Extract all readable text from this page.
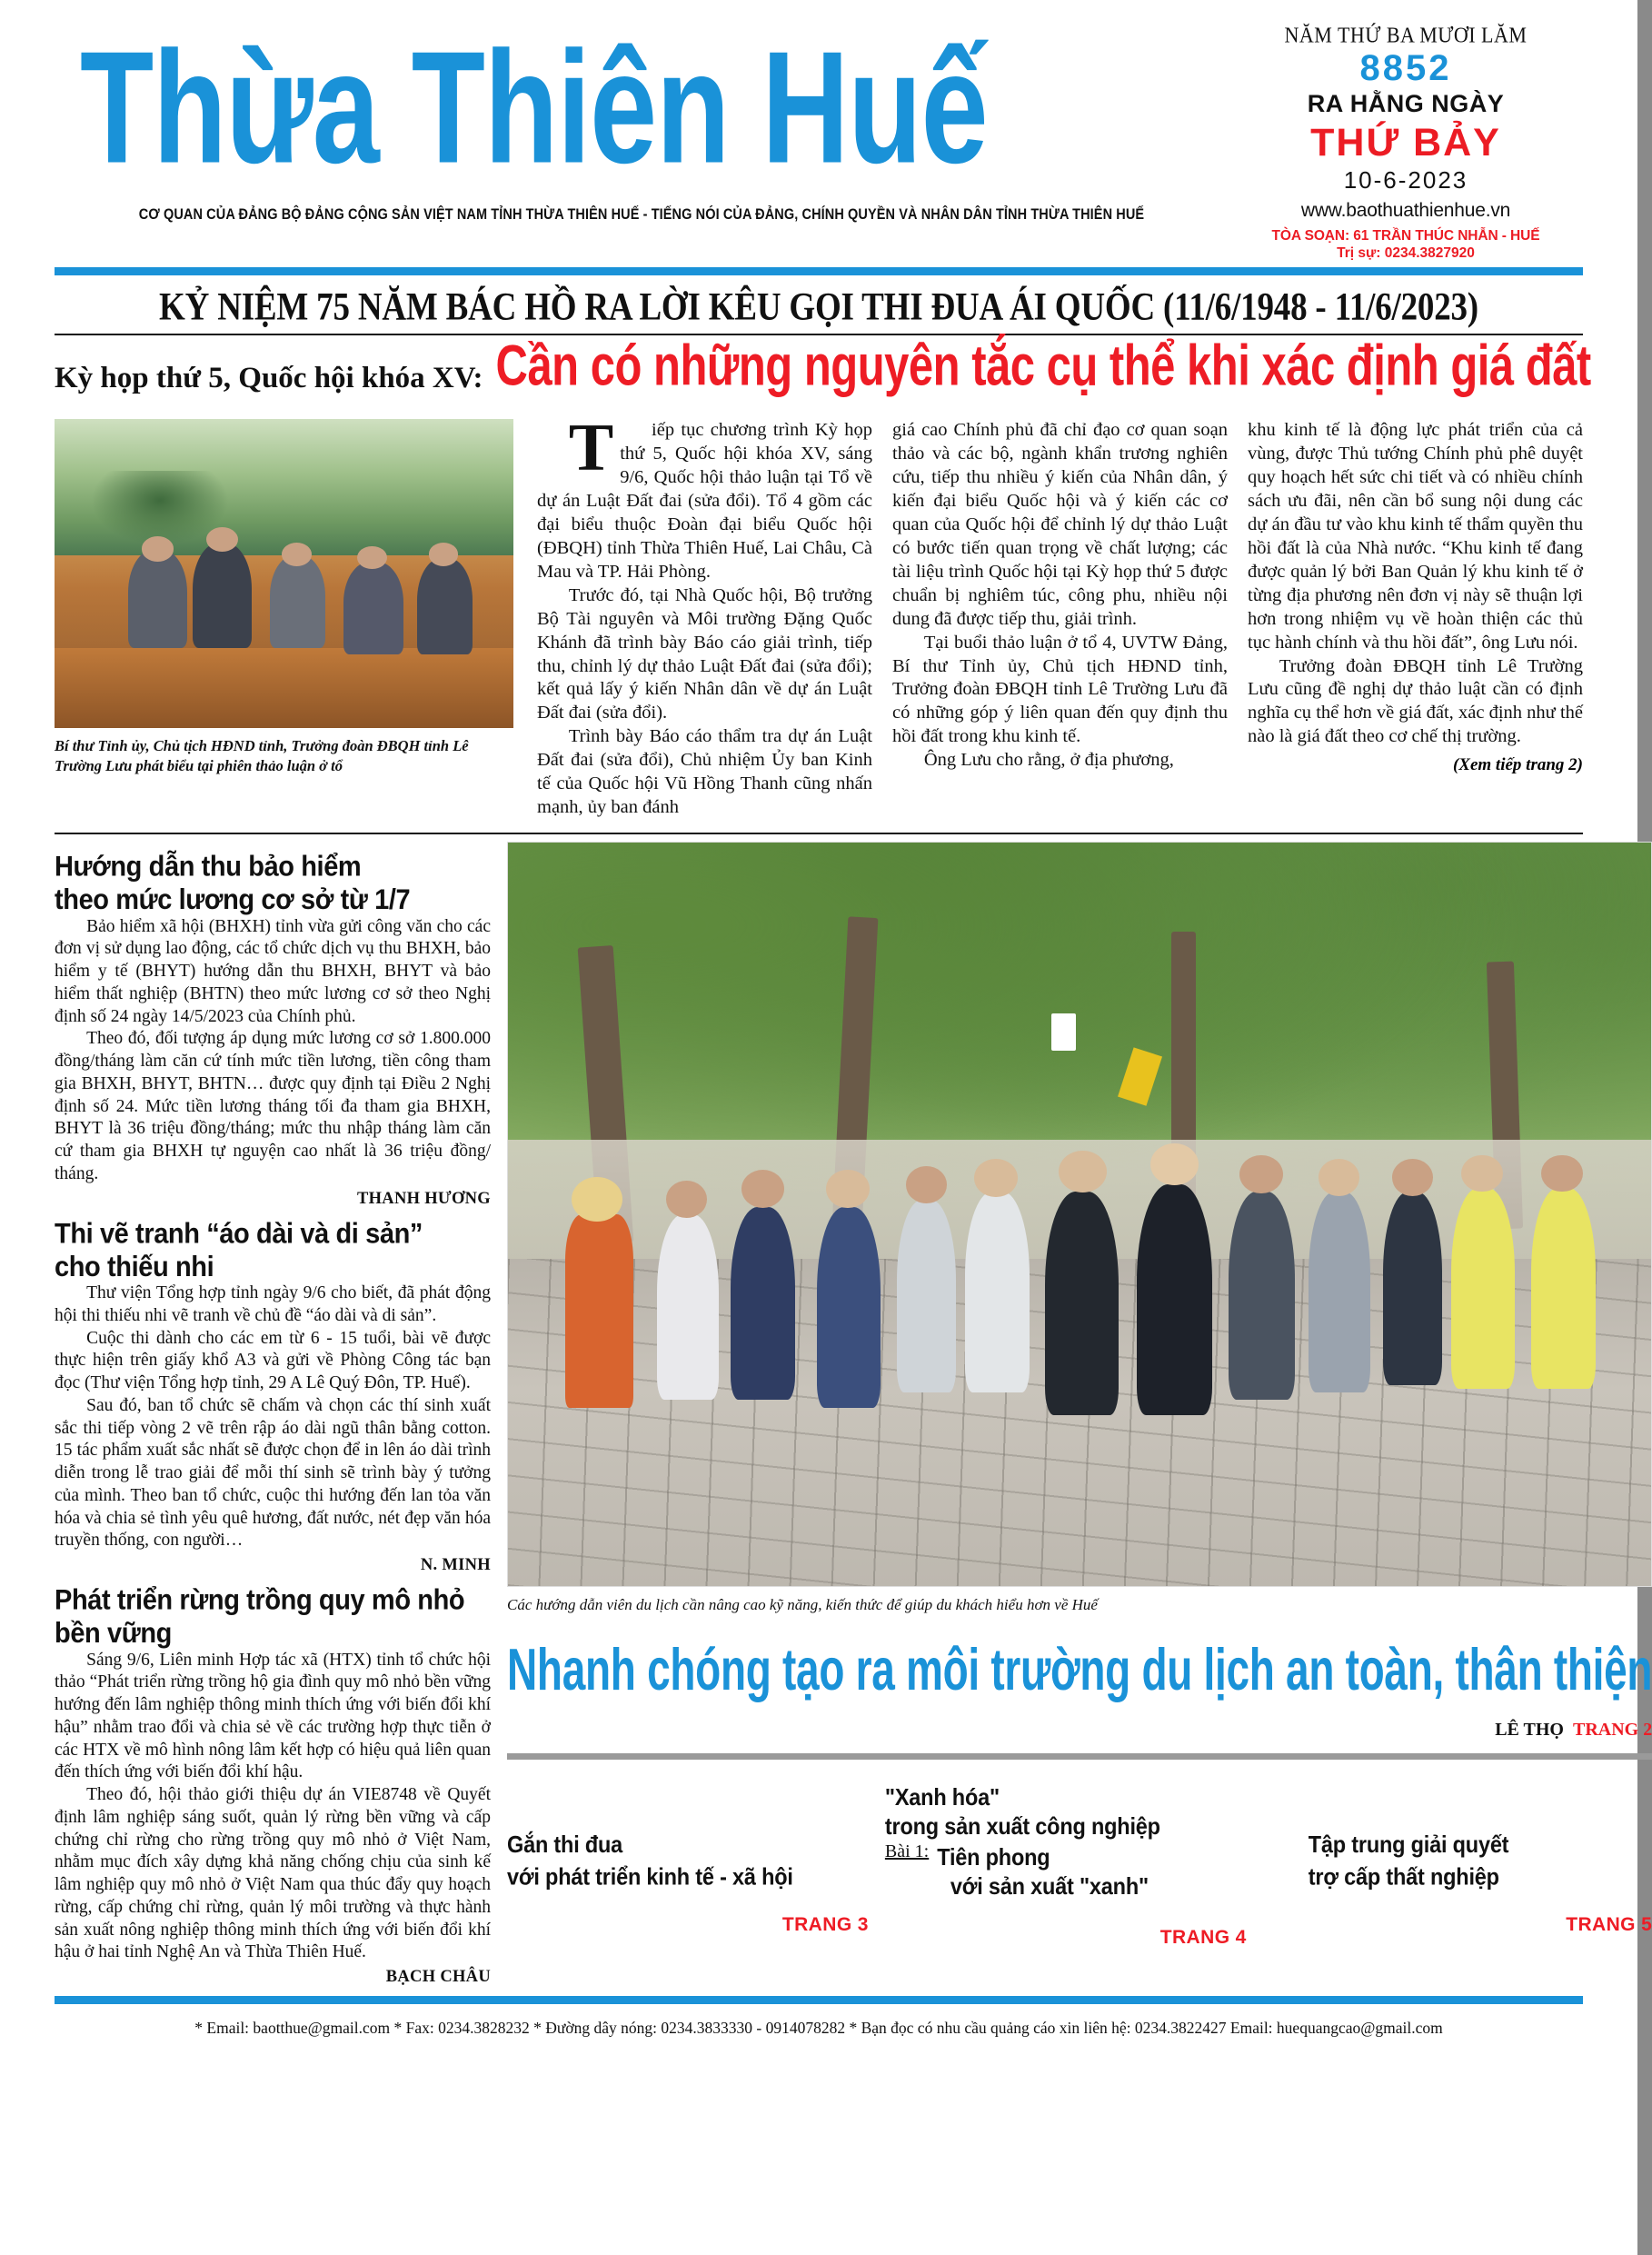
Thừa Thiên Huế
CƠ QUAN CỦA ĐẢNG BỘ ĐẢNG CỘNG SẢN VIỆT NAM TỈNH THỪA THIÊN HUẾ - TIẾNG NÓI CỦA ĐẢNG, CHÍNH QUYỀN VÀ NHÂN DÂN TỈNH THỪA THIÊN HUẾ
NĂM THỨ BA MƯƠI LĂM
8852
RA HẰNG NGÀY
THỨ BẢY
10-6-2023
www.baothuathienhue.vn
TÒA SOẠN: 61 TRẦN THÚC NHẪN - HUẾ
Trị sự: 0234.3827920
KỶ NIỆM 75 NĂM BÁC HỒ RA LỜI KÊU GỌI THI ĐUA ÁI QUỐC (11/6/1948 - 11/6/2023)
Kỳ họp thứ 5, Quốc hội khóa XV: Cần có những nguyên tắc cụ thể khi xác định giá đất
Bí thư Tỉnh ủy, Chủ tịch HĐND tỉnh, Trưởng đoàn ĐBQH tỉnh Lê Trường Lưu phát biểu tại phiên thảo luận ở tổ

Tiếp tục chương trình Kỳ họp thứ 5, Quốc hội khóa XV, sáng 9/6, Quốc hội thảo luận tại Tổ về dự án Luật Đất đai (sửa đổi). Tổ 4 gồm các đại biểu thuộc Đoàn đại biểu Quốc hội (ĐBQH) tỉnh Thừa Thiên Huế, Lai Châu, Cà Mau và TP. Hải Phòng.

Trước đó, tại Nhà Quốc hội, Bộ trưởng Bộ Tài nguyên và Môi trường Đặng Quốc Khánh đã trình bày Báo cáo giải trình, tiếp thu, chỉnh lý dự thảo Luật Đất đai (sửa đổi); kết quả lấy ý kiến Nhân dân về dự án Luật Đất đai (sửa đổi).

Trình bày Báo cáo thẩm tra dự án Luật Đất đai (sửa đổi), Chủ nhiệm Ủy ban Kinh tế của Quốc hội Vũ Hồng Thanh cũng nhấn mạnh, ủy ban đánh

giá cao Chính phủ đã chỉ đạo cơ quan soạn thảo và các bộ, ngành khẩn trương nghiên cứu, tiếp thu nhiều ý kiến của Nhân dân, ý kiến đại biểu Quốc hội và ý kiến các cơ quan của Quốc hội để chỉnh lý dự thảo Luật có bước tiến quan trọng về chất lượng; các tài liệu trình Quốc hội tại Kỳ họp thứ 5 được chuẩn bị nghiêm túc, công phu, nhiều nội dung đã được tiếp thu, giải trình.

Tại buổi thảo luận ở tổ 4, UVTW Đảng, Bí thư Tỉnh ủy, Chủ tịch HĐND tỉnh, Trưởng đoàn ĐBQH tỉnh Lê Trường Lưu đã có những góp ý liên quan đến quy định thu hồi đất trong khu kinh tế.

Ông Lưu cho rằng, ở địa phương,

khu kinh tế là động lực phát triển của cả vùng, được Thủ tướng Chính phủ phê duyệt quy hoạch hết sức chi tiết và có nhiều chính sách ưu đãi, nên cần bổ sung nội dung các dự án đầu tư vào khu kinh tế thẩm quyền thu hồi đất là của Nhà nước. “Khu kinh tế đang được quản lý bởi Ban Quản lý khu kinh tế ở từng địa phương nên đơn vị này sẽ thuận lợi hơn trong nhiệm vụ về hoàn thiện các thủ tục hành chính và thu hồi đất”, ông Lưu nói.

Trưởng đoàn ĐBQH tỉnh Lê Trường Lưu cũng đề nghị dự thảo luật cần có định nghĩa cụ thể hơn về giá đất, xác định như thế nào là giá đất theo cơ chế thị trường.

(Xem tiếp trang 2)
Hướng dẫn thu bảo hiểm
theo mức lương cơ sở từ 1/7

Bảo hiểm xã hội (BHXH) tỉnh vừa gửi công văn cho các đơn vị sử dụng lao động, các tổ chức dịch vụ thu BHXH, bảo hiểm y tế (BHYT) hướng dẫn thu BHXH, BHYT và bảo hiểm thất nghiệp (BHTN) theo mức lương cơ sở theo Nghị định số 24 ngày 14/5/2023 của Chính phủ.

Theo đó, đối tượng áp dụng mức lương cơ sở 1.800.000 đồng/tháng làm căn cứ tính mức tiền lương, tiền công tham gia BHXH, BHYT, BHTN… được quy định tại Điều 2 Nghị định số 24. Mức tiền lương tháng tối đa tham gia BHXH, BHYT là 36 triệu đồng/tháng; mức thu nhập tháng làm căn cứ tham gia BHXH tự nguyện cao nhất là 36 triệu đồng/ tháng.

THANH HƯƠNG
Thi vẽ tranh “áo dài và di sản”
cho thiếu nhi

Thư viện Tổng hợp tỉnh ngày 9/6 cho biết, đã phát động hội thi thiếu nhi vẽ tranh về chủ đề “áo dài và di sản”.

Cuộc thi dành cho các em từ 6 - 15 tuổi, bài vẽ được thực hiện trên giấy khổ A3 và gửi về Phòng Công tác bạn đọc (Thư viện Tổng hợp tỉnh, 29 A Lê Quý Đôn, TP. Huế).

Sau đó, ban tổ chức sẽ chấm và chọn các thí sinh xuất sắc thi tiếp vòng 2 vẽ trên rập áo dài ngũ thân bằng cotton. 15 tác phẩm xuất sắc nhất sẽ được chọn để in lên áo dài trình diễn trong lễ trao giải để mỗi thí sinh sẽ trình bày ý tưởng của mình. Theo ban tổ chức, cuộc thi hướng đến lan tỏa văn hóa và chia sẻ tình yêu quê hương, đất nước, nét đẹp văn hóa truyền thống, con người…

N. MINH
Phát triển rừng trồng quy mô nhỏ
bền vững

Sáng 9/6, Liên minh Hợp tác xã (HTX) tỉnh tổ chức hội thảo “Phát triển rừng trồng hộ gia đình quy mô nhỏ bền vững hướng đến lâm nghiệp thông minh thích ứng với biến đổi khí hậu” nhằm trao đổi và chia sẻ về các trường hợp thực tiễn ở các HTX về mô hình nông lâm kết hợp có hiệu quả liên quan đến thích ứng với biến đổi khí hậu.

Theo đó, hội thảo giới thiệu dự án VIE8748 về Quyết định lâm nghiệp sáng suốt, quản lý rừng bền vững và cấp chứng chỉ rừng cho rừng trồng quy mô nhỏ ở Việt Nam, nhằm mục đích xây dựng khả năng chống chịu của sinh kế lâm nghiệp quy mô nhỏ ở Việt Nam qua thúc đẩy quy hoạch rừng, cấp chứng chỉ rừng, quản lý môi trường và thực hành sản xuất nông nghiệp thông minh thích ứng với biến đổi khí hậu ở hai tỉnh Nghệ An và Thừa Thiên Huế.

BẠCH CHÂU
Các hướng dẫn viên du lịch cần nâng cao kỹ năng, kiến thức để giúp du khách hiểu hơn về Huế
Nhanh chóng tạo ra môi trường du lịch an toàn, thân thiện
LÊ THỌ TRANG 2
Gắn thi đua
với phát triển kinh tế - xã hội
TRANG 3
"Xanh hóa"
trong sản xuất công nghiệp
Bài 1: Tiên phong
với sản xuất "xanh"
TRANG 4
Tập trung giải quyết
trợ cấp thất nghiệp
TRANG 5
* Email: baotthue@gmail.com * Fax: 0234.3828232 * Đường dây nóng: 0234.3833330 - 0914078282 * Bạn đọc có nhu cầu quảng cáo xin liên hệ: 0234.3822427 Email: huequangcao@gmail.com
